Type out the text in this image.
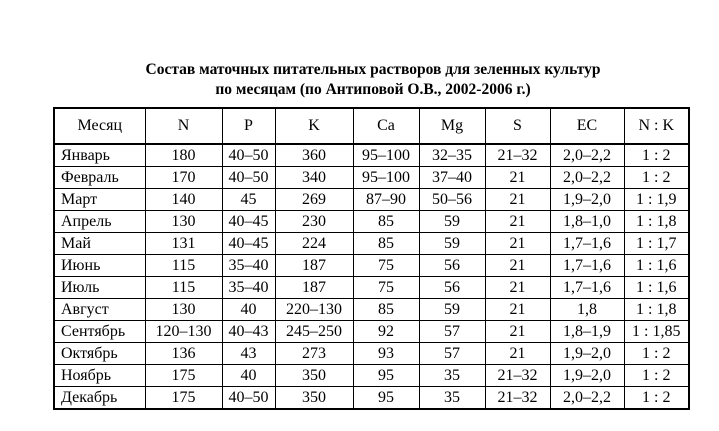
Состав маточных питательных растворов для зеленных культур
по месяцам (по Антиповой О.В., 2002-2006 г.)
Месяц	N	P	K	Ca	Mg	S	EC	N : K
Январь	180	40–50	360	95–100	32–35	21–32	2,0–2,2	1 : 2
Февраль	170	40–50	340	95–100	37–40	21	2,0–2,2	1 : 2
Март	140	45	269	87–90	50–56	21	1,9–2,0	1 : 1,9
Апрель	130	40–45	230	85	59	21	1,8–1,0	1 : 1,8
Май	131	40–45	224	85	59	21	1,7–1,6	1 : 1,7
Июнь	115	35–40	187	75	56	21	1,7–1,6	1 : 1,6
Июль	115	35–40	187	75	56	21	1,7–1,6	1 : 1,6
Август	130	40	220–130	85	59	21	1,8	1 : 1,8
Сентябрь	120–130	40–43	245–250	92	57	21	1,8–1,9	1 : 1,85
Октябрь	136	43	273	93	57	21	1,9–2,0	1 : 2
Ноябрь	175	40	350	95	35	21–32	1,9–2,0	1 : 2
Декабрь	175	40–50	350	95	35	21–32	2,0–2,2	1 : 2
